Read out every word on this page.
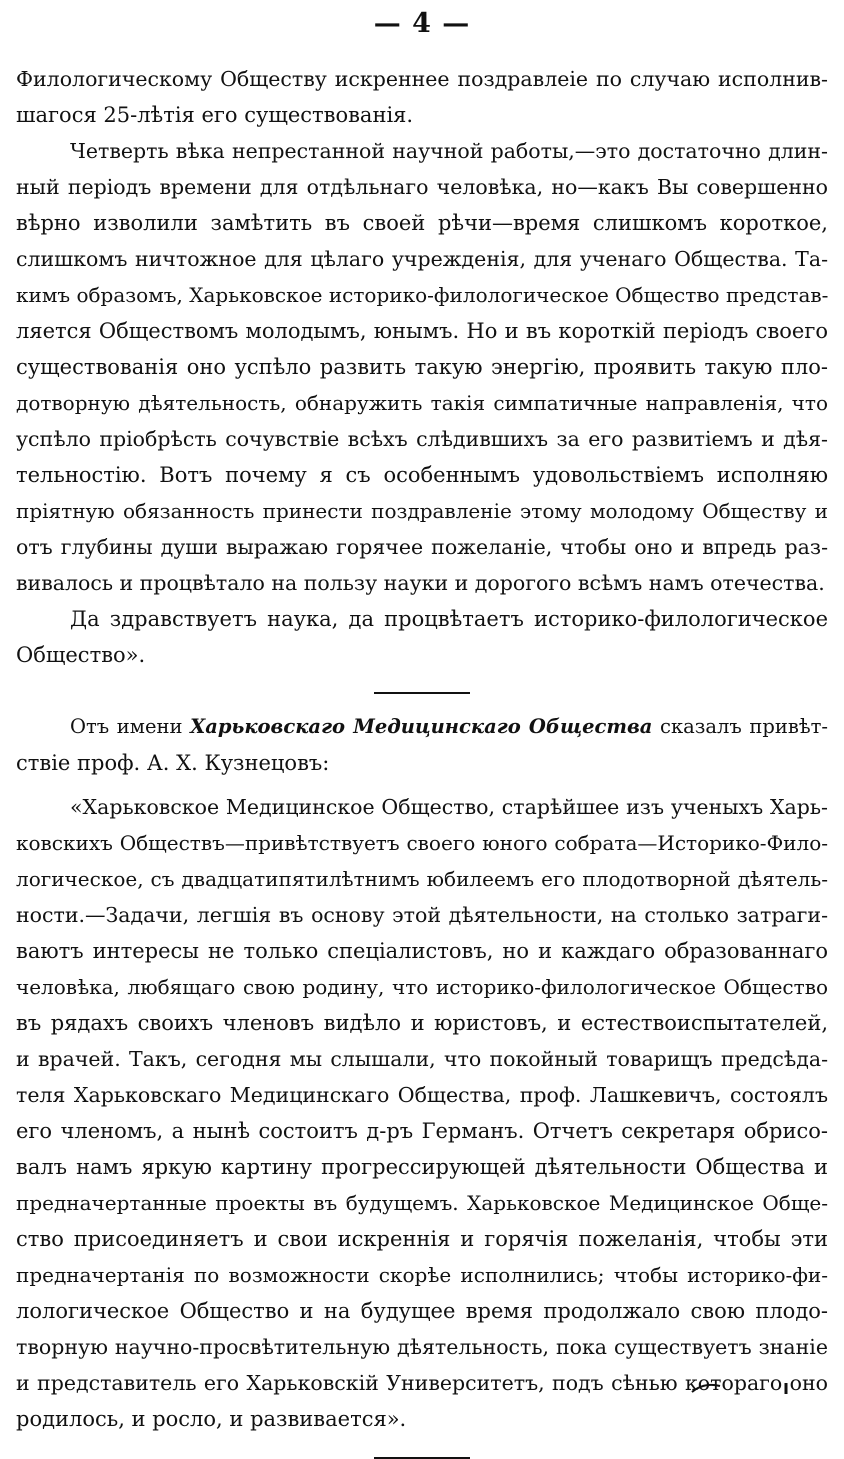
— 4 —
Филологическому Обществу искреннее поздравлеie по случаю исполнив-
шагося 25-лѣтія его существованія.
Четверть вѣка непрестанной научной работы,—это достаточно длин-
ный періодъ времени для отдѣльнаго человѣка, но—какъ Вы совершенно
вѣрно изволили замѣтить въ своей рѣчи—время слишкомъ короткое,
слишкомъ ничтожное для цѣлаго учрежденія, для ученаго Общества. Та-
кимъ образомъ, Харьковское историко-филологическое Общество представ-
ляется Обществомъ молодымъ, юнымъ. Но и въ короткій періодъ своего
существованія оно успѣло развить такую энергію, проявить такую пло-
дотворную дѣятельность, обнаружить такія симпатичные направленія, что
успѣло пріобрѣсть сочувствіе всѣхъ слѣдившихъ за его развитіемъ и дѣя-
тельностію. Вотъ почему я съ особеннымъ удовольствіемъ исполняю
пріятную обязанность принести поздравленіе этому молодому Обществу и
отъ глубины души выражаю горячее пожеланіе, чтобы оно и впредь раз-
вивалось и процвѣтало на пользу науки и дорогого всѣмъ намъ отечества.
Да здравствуетъ наука, да процвѣтаетъ историко-филологическое
Общество».
Отъ имени Харьковскаго Медицинскаго Общества сказалъ привѣт-
ствіе проф. А. Х. Кузнецовъ:
«Харьковское Медицинское Общество, старѣйшее изъ ученыхъ Харь-
ковскихъ Обществъ—привѣтствуетъ своего юного собрата—Историко-Фило-
логическое, съ двадцатипятилѣтнимъ юбилеемъ его плодотворной дѣятель-
ности.—Задачи, легшія въ основу этой дѣятельности, на столько затраги-
ваютъ интересы не только спеціалистовъ, но и каждаго образованнаго
человѣка, любящаго свою родину, что историко-филологическое Общество
въ рядахъ своихъ членовъ видѣло и юристовъ, и естествоиспытателей,
и врачей. Такъ, сегодня мы слышали, что покойный товарищъ предсѣда-
теля Харьковскаго Медицинскаго Общества, проф. Лашкевичъ, состоялъ
его членомъ, а нынѣ состоитъ д-ръ Германъ. Отчетъ секретаря обрисо-
валъ намъ яркую картину прогрессирующей дѣятельности Общества и
предначертанные проекты въ будущемъ. Харьковское Медицинское Обще-
ство присоединяетъ и свои искреннія и горячія пожеланія, чтобы эти
предначертанія по возможности скорѣе исполнились; чтобы историко-фи-
лологическое Общество и на будущее время продолжало свою плодо-
творную научно-просвѣтительную дѣятельность, пока существуетъ знаніе
и представитель его Харьковскій Университетъ, подъ сѣнью котораго оно
родилось, и росло, и развивается».
